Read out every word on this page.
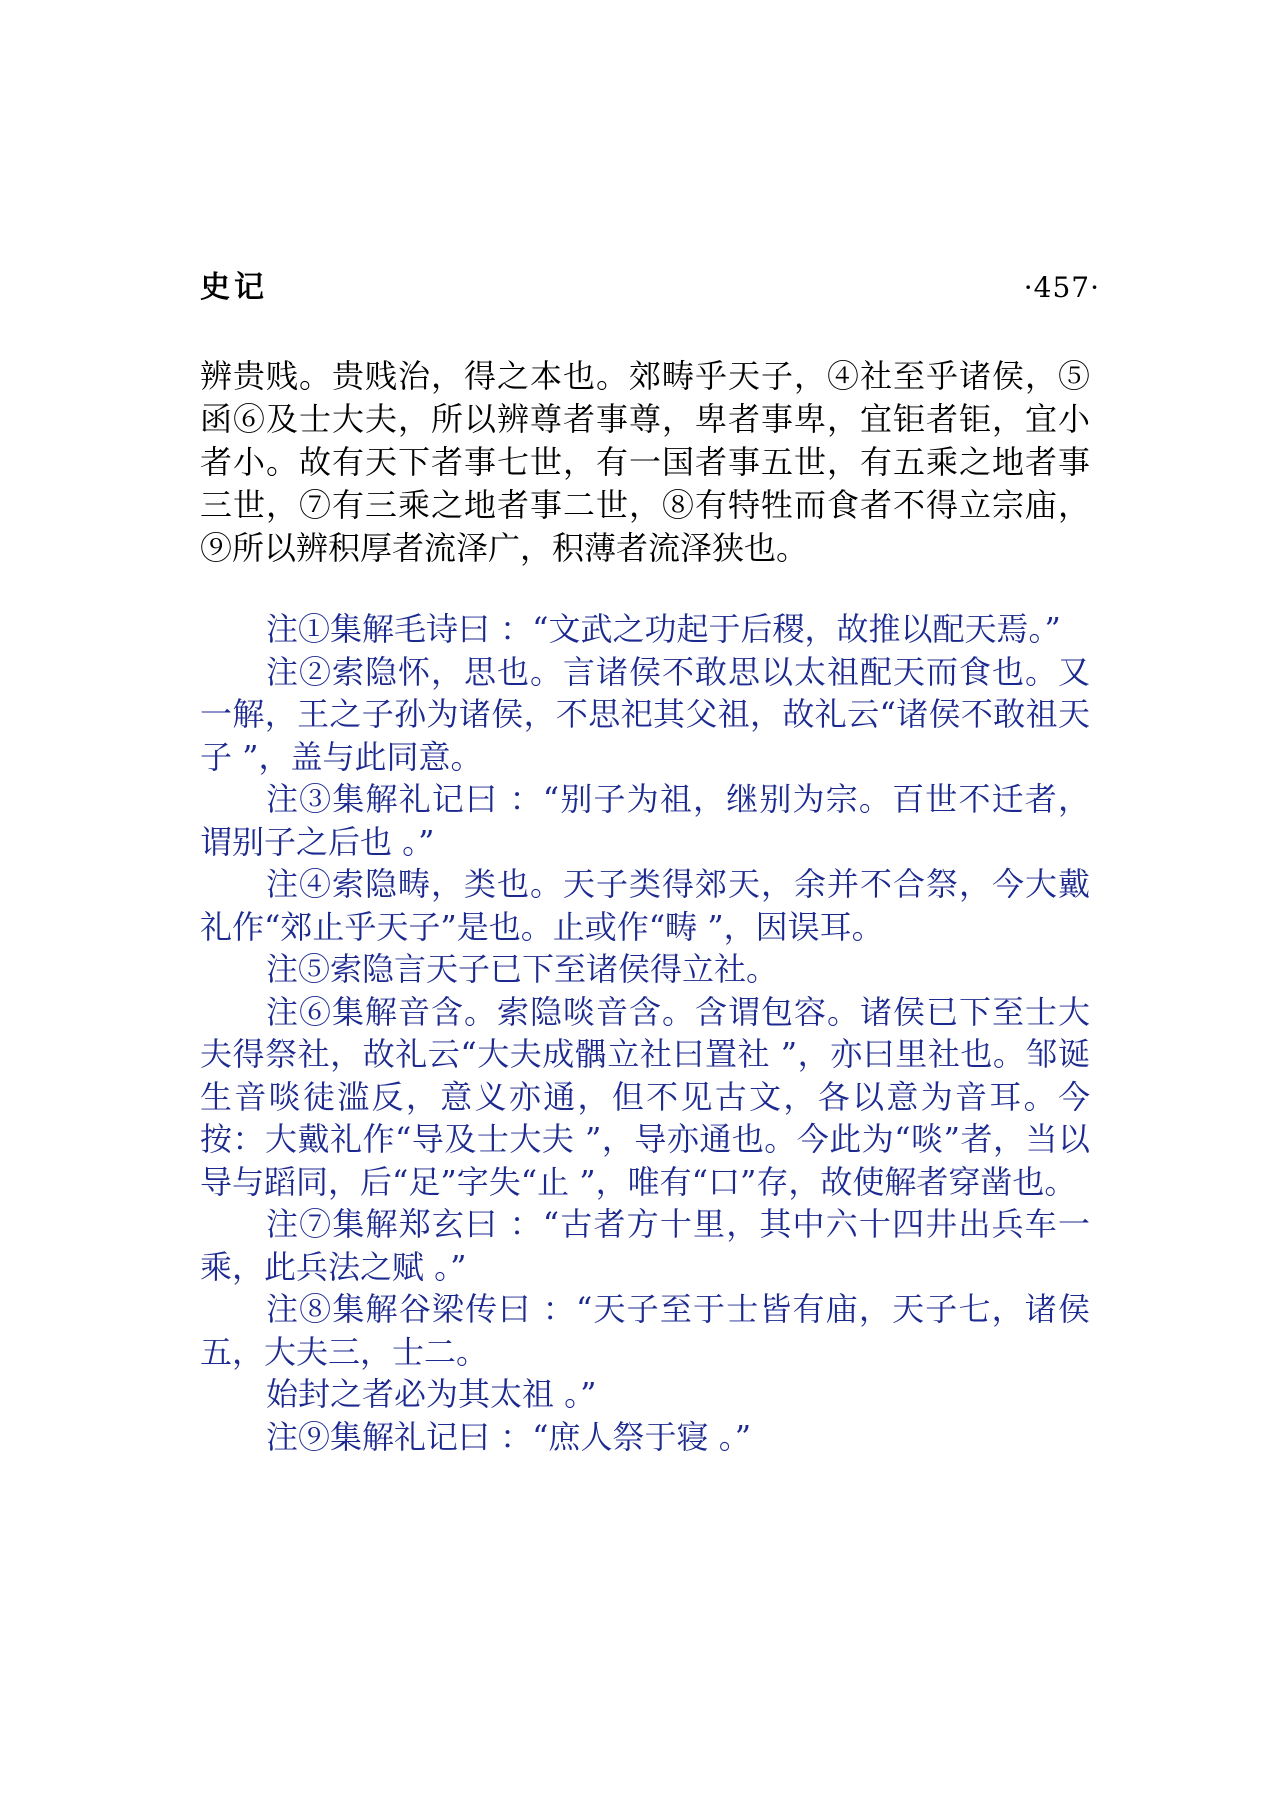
史记	·457·

辨贵贱。贵贱治，得之本也。郊畴乎天子，④社至乎诸侯，⑤函⑥及士大夫，所以辨尊者事尊，卑者事卑，宜钜者钜，宜小者小。故有天下者事七世，有一国者事五世，有五乘之地者事三世，⑦有三乘之地者事二世，⑧有特牲而食者不得立宗庙，⑨所以辨积厚者流泽广，积薄者流泽狭也。

注①集解毛诗曰 ：“文武之功起于后稷，故推以配天焉。”

注②索隐怀，思也。言诸侯不敢思以太祖配天而食也。又一解，王之子孙为诸侯，不思祀其父祖，故礼云“诸侯不敢祖天子 ”，盖与此同意。

注③集解礼记曰 ：“别子为祖，继别为宗。百世不迁者，谓别子之后也 。”

注④索隐畴，类也。天子类得郊天，余并不合祭，今大戴礼作“郊止乎天子”是也。止或作“畴 ”，因误耳。

注⑤索隐言天子已下至诸侯得立社。

注⑥集解音含。索隐啖音含。含谓包容。诸侯已下至士大夫得祭社，故礼云“大夫成髃立社曰置社 ”，亦曰里社也。邹诞生音啖徒滥反，意义亦通，但不见古文，各以意为音耳。今按：大戴礼作“导及士大夫 ”，导亦通也。今此为“啖”者，当以导与蹈同，后“足”字失“止 ”，唯有“口”存，故使解者穿凿也。

注⑦集解郑玄曰 ：“古者方十里，其中六十四井出兵车一乘，此兵法之赋 。”

注⑧集解谷梁传曰 ：“天子至于士皆有庙，天子七，诸侯五，大夫三，士二。

始封之者必为其太祖 。”

注⑨集解礼记曰 ：“庶人祭于寝 。”
